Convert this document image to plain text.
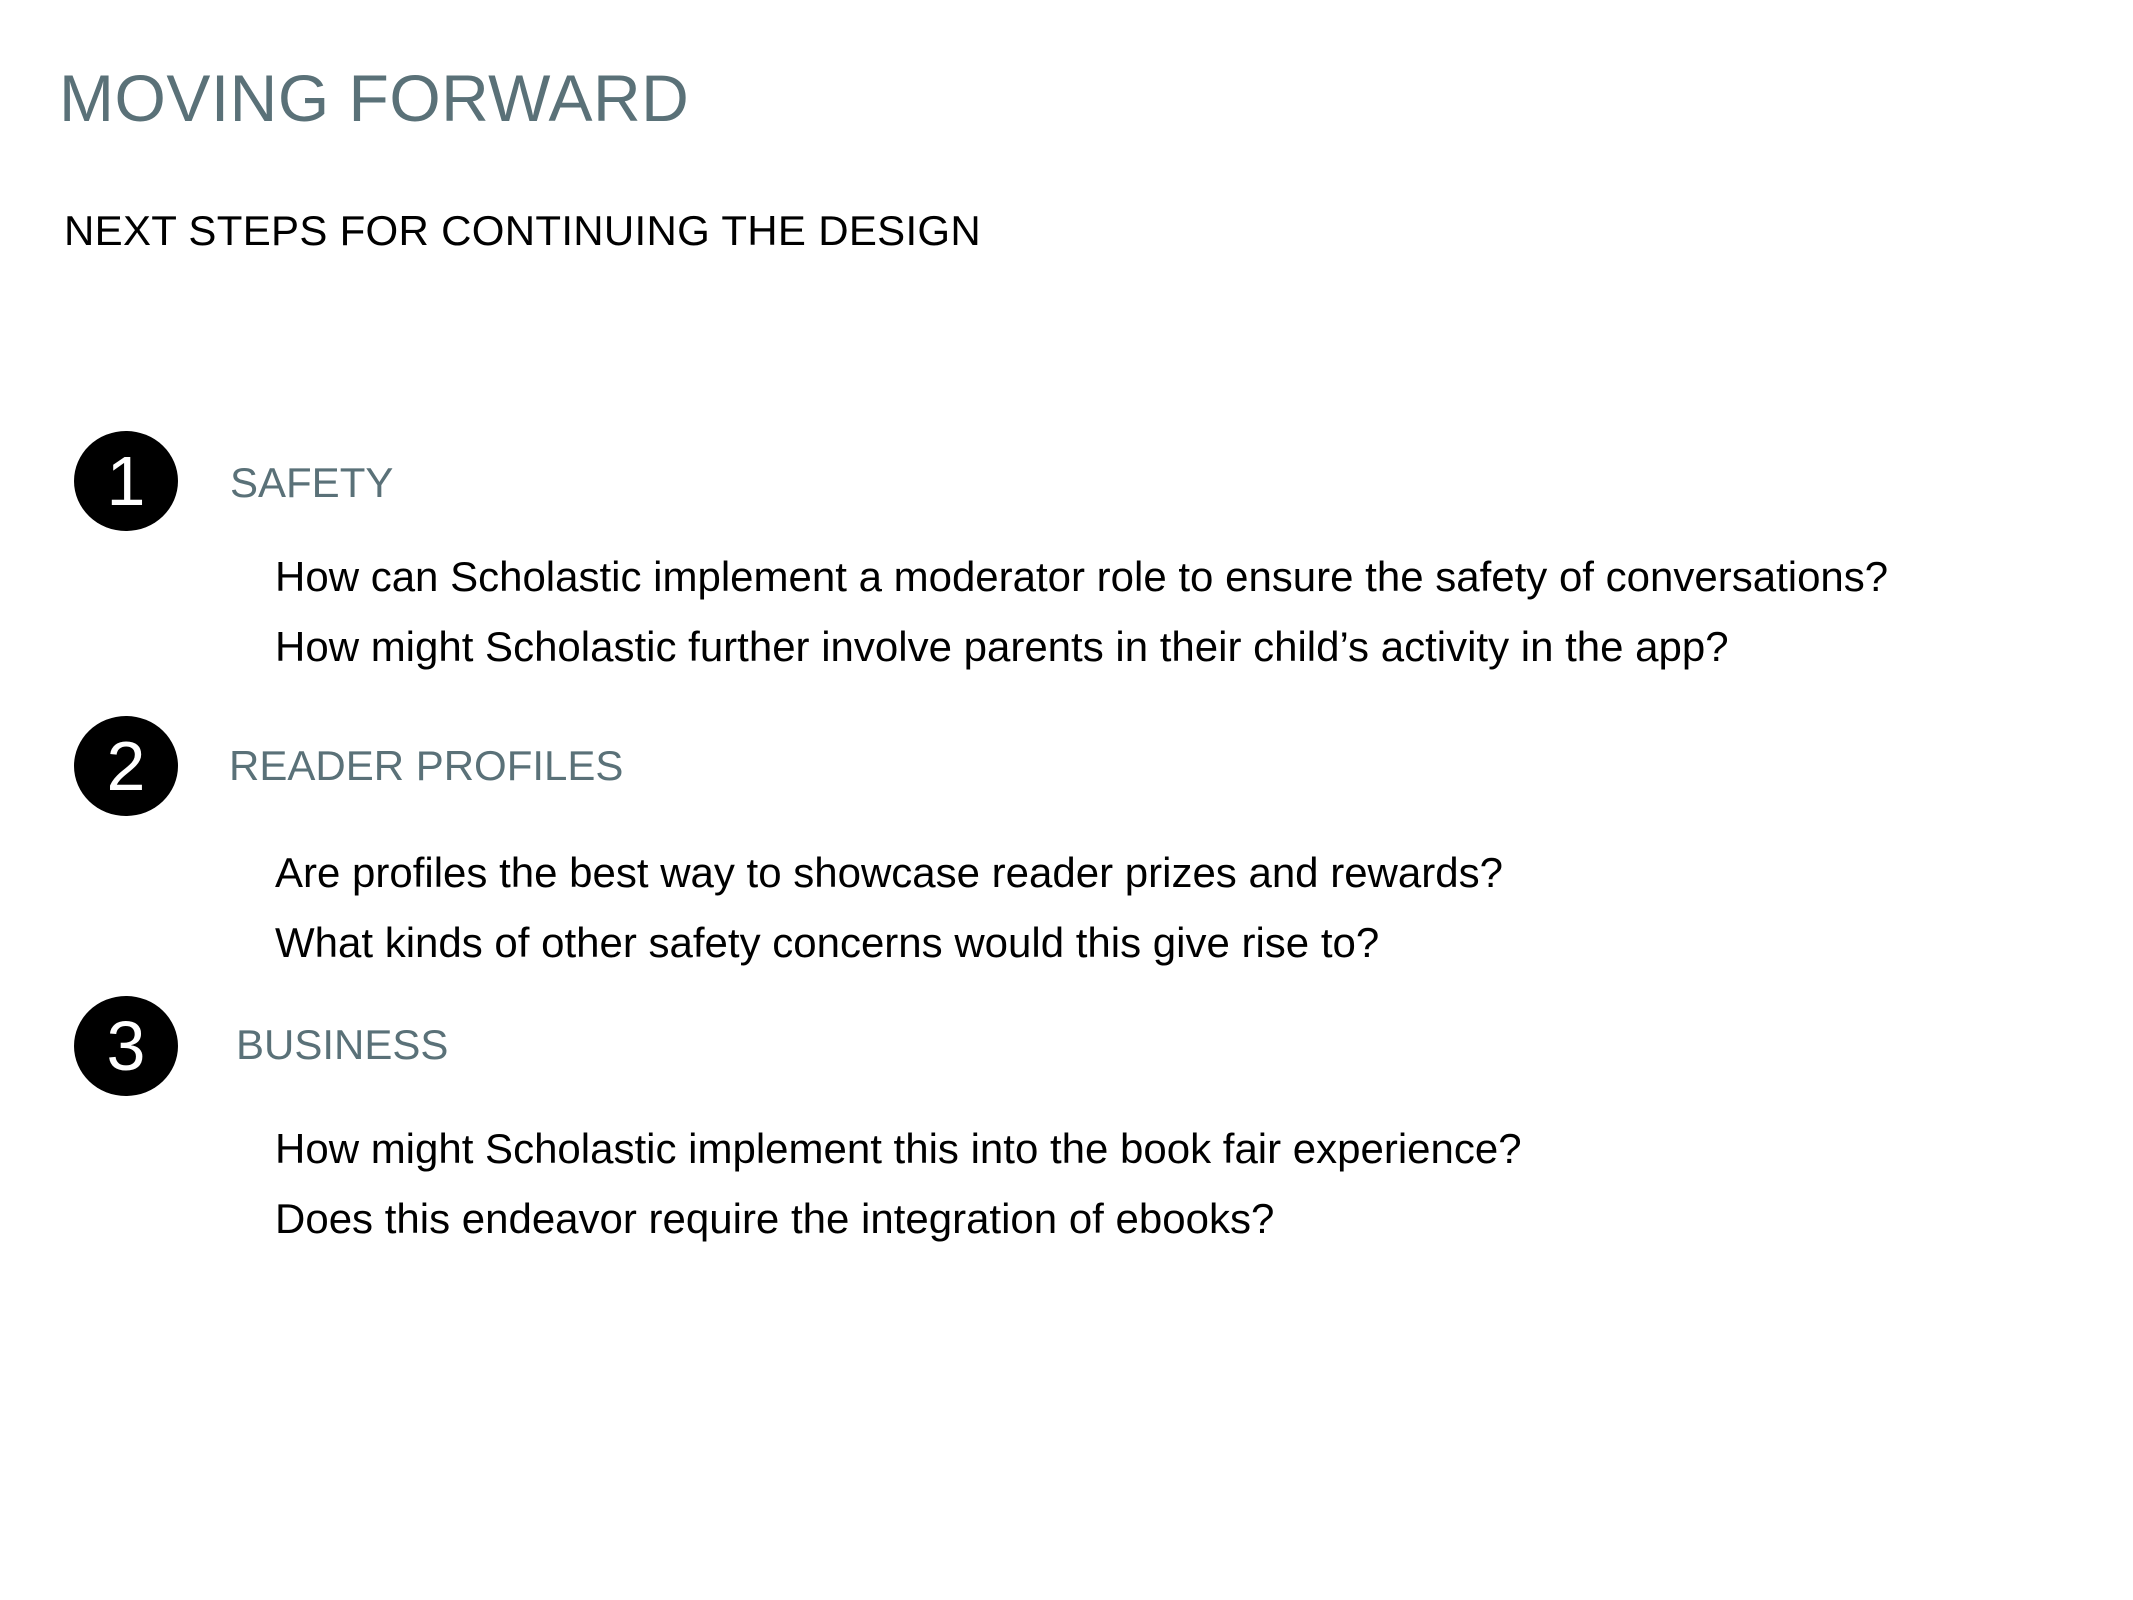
MOVING FORWARD
NEXT STEPS FOR CONTINUING THE DESIGN
1	SAFETY

How can Scholastic implement a moderator role to ensure the safety of conversations?

How might Scholastic further involve parents in their child’s activity in the app?

2	READER PROFILES

Are profiles the best way to showcase reader prizes and rewards?

What kinds of other safety concerns would this give rise to?

3	BUSINESS

How might Scholastic implement this into the book fair experience?

Does this endeavor require the integration of ebooks?
